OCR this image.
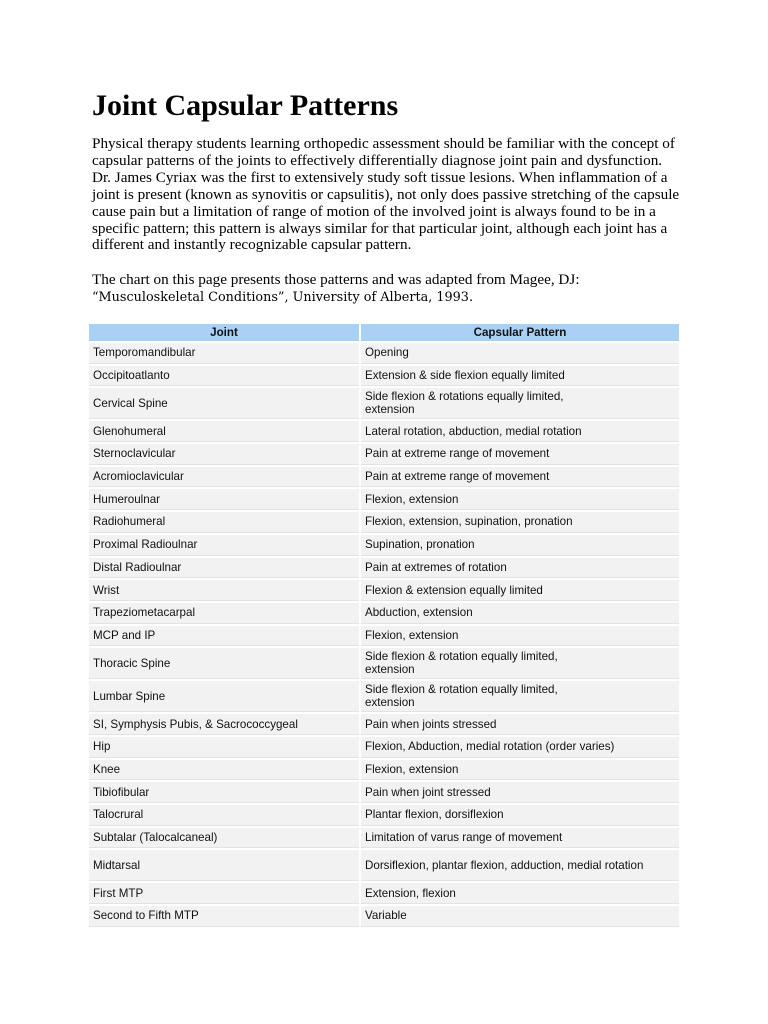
Joint Capsular Patterns

Physical therapy students learning orthopedic assessment should be familiar with the concept of capsular patterns of the joints to effectively differentially diagnose joint pain and dysfunction. Dr. James Cyriax was the first to extensively study soft tissue lesions. When inflammation of a joint is present (known as synovitis or capsulitis), not only does passive stretching of the capsule cause pain but a limitation of range of motion of the involved joint is always found to be in a specific pattern; this pattern is always similar for that particular joint, although each joint has a different and instantly recognizable capsular pattern.

The chart on this page presents those patterns and was adapted from Magee, DJ:
“Musculoskeletal Conditions”, University of Alberta, 1993.

Joint	Capsular Pattern
Temporomandibular	Opening
Occipitoatlanto	Extension & side flexion equally limited
Cervical Spine	Side flexion & rotations equally limited, extension

Glenohumeral	Lateral rotation, abduction, medial rotation
Sternoclavicular	Pain at extreme range of movement
Acromioclavicular	Pain at extreme range of movement
Humeroulnar	Flexion, extension
Radiohumeral	Flexion, extension, supination, pronation
Proximal Radioulnar	Supination, pronation
Distal Radioulnar	Pain at extremes of rotation
Wrist	Flexion & extension equally limited
Trapeziometacarpal	Abduction, extension
MCP and IP	Flexion, extension
Thoracic Spine	Side flexion & rotation equally limited, extension

Lumbar Spine	Side flexion & rotation equally limited, extension

SI, Symphysis Pubis, & Sacrococcygeal	Pain when joints stressed
Hip	Flexion, Abduction, medial rotation (order varies)
Knee	Flexion, extension
Tibiofibular	Pain when joint stressed
Talocrural	Plantar flexion, dorsiflexion
Subtalar (Talocalcaneal)	Limitation of varus range of movement
Midtarsal	Dorsiflexion, plantar flexion, adduction, medial rotation

First MTP	Extension, flexion
Second to Fifth MTP	Variable
